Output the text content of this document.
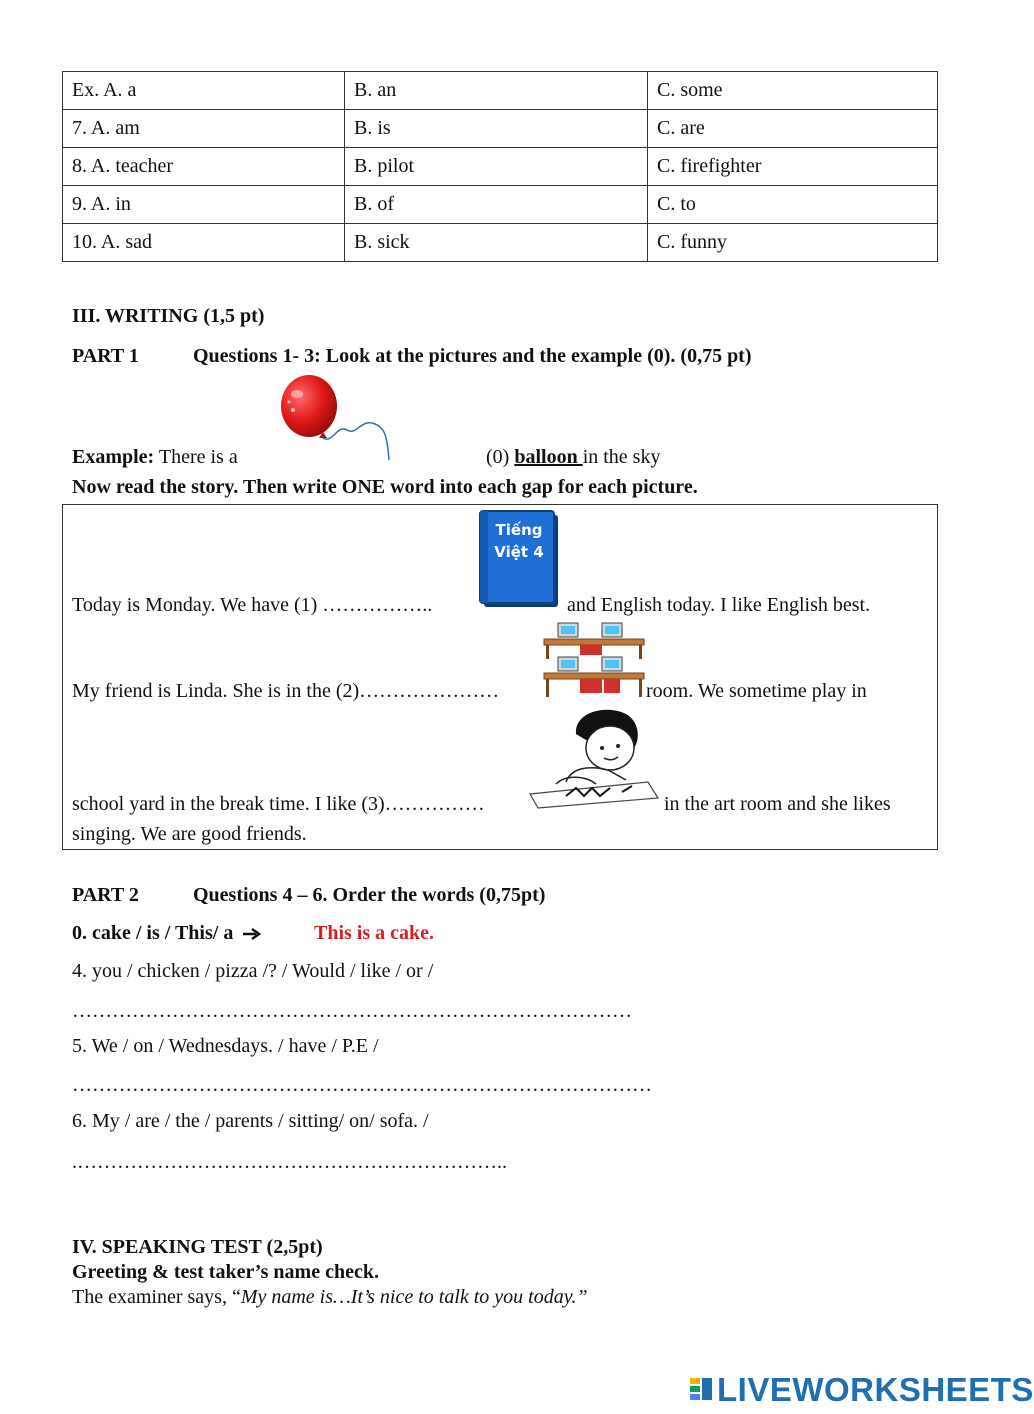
Ex. A. a	B. an	C. some
7. A. am	B. is	C. are
8. A. teacher	B. pilot	C. firefighter
9. A. in	B. of	C. to
10. A. sad	B. sick	C. funny
III. WRITING (1,5 pt)
PART 1	Questions 1- 3: Look at the pictures and the example (0). (0,75 pt)
Example: There is a	(0) balloon in the sky
Now read the story. Then write ONE word into each gap for each picture.
Tiếng Việt 4
Today is Monday. We have (1) ……………..	and English today. I like English best.
My friend is Linda. She is in the (2)…………………	room. We sometime play in
school yard in the break time. I like (3)……………	in the art room and she likes
singing. We are good friends.
PART 2	Questions 4 – 6. Order the words (0,75pt)
0. cake / is / This/ a	This is a cake.
4. you / chicken / pizza /? / Would / like / or /
…………………………………………………………………………
5. We / on / Wednesdays. / have / P.E /
……………………………………………………………………………
6. My / are / the / parents / sitting/ on/ sofa. /
.………………………………………………………..
IV. SPEAKING TEST (2,5pt)
Greeting & test taker’s name check.
The examiner says, “My name is…It’s nice to talk to you today.”
LIVEWORKSHEETS
